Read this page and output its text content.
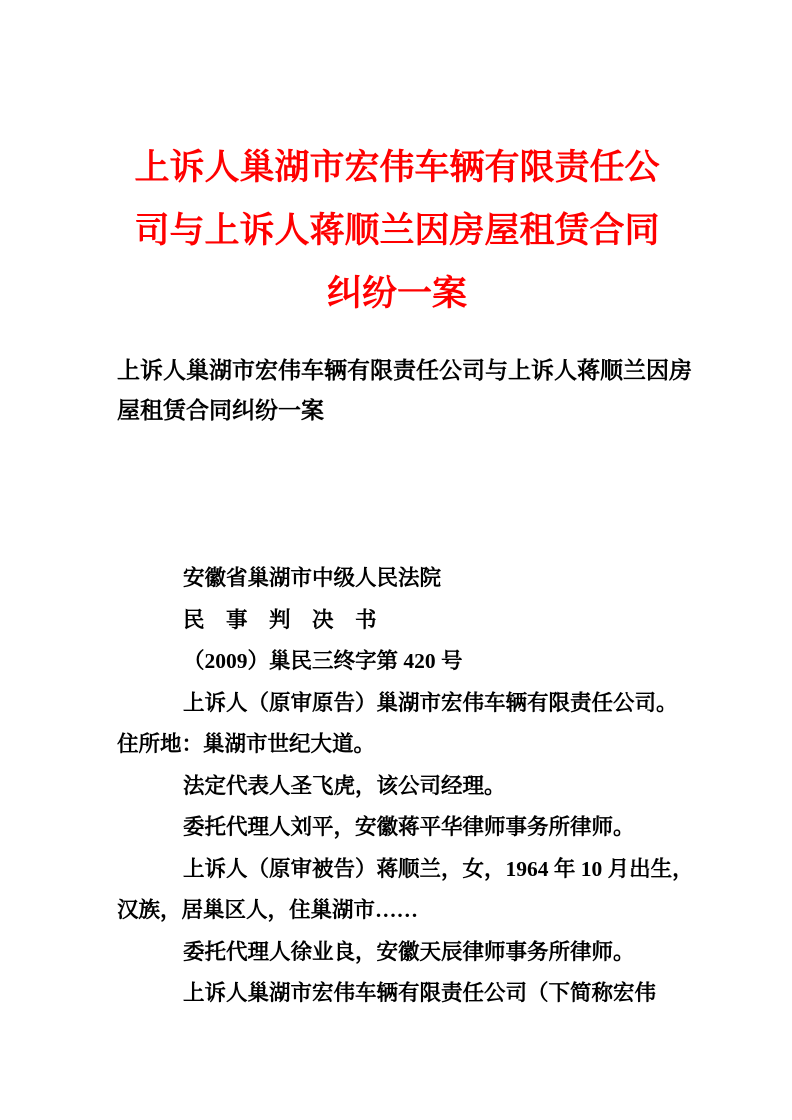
上诉人巢湖市宏伟车辆有限责任公
司与上诉人蒋顺兰因房屋租赁合同
纠纷一案
上诉人巢湖市宏伟车辆有限责任公司与上诉人蒋顺兰因房
屋租赁合同纠纷一案
安徽省巢湖市中级人民法院
民　事　判　决　书
（2009）巢民三终字第 420 号
上诉人（原审原告）巢湖市宏伟车辆有限责任公司。
住所地：巢湖市世纪大道。
法定代表人圣飞虎，该公司经理。
委托代理人刘平，安徽蒋平华律师事务所律师。
上诉人（原审被告）蒋顺兰，女，1964 年 10 月出生，
汉族，居巢区人，住巢湖市……
委托代理人徐业良，安徽天辰律师事务所律师。
上诉人巢湖市宏伟车辆有限责任公司（下简称宏伟
